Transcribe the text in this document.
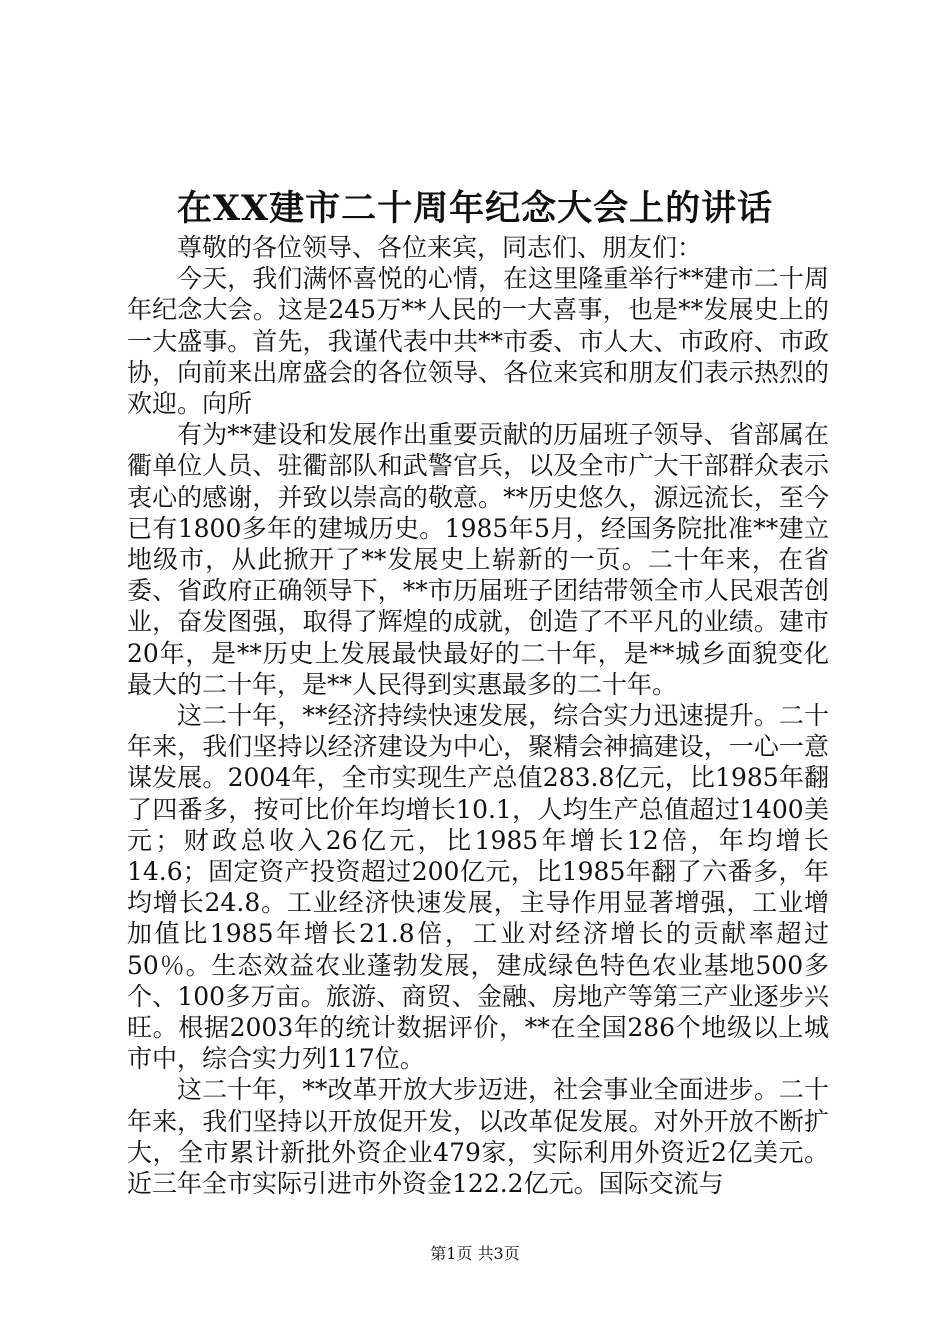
在XX建市二十周年纪念大会上的讲话

尊敬的各位领导、各位来宾，同志们、朋友们：

今天，我们满怀喜悦的心情，在这里隆重举行**建市二十周年纪念大会。这是245万**人民的一大喜事，也是**发展史上的一大盛事。首先，我谨代表中共**市委、市人大、市政府、市政协，向前来出席盛会的各位领导、各位来宾和朋友们表示热烈的欢迎。向所

有为**建设和发展作出重要贡献的历届班子领导、省部属在衢单位人员、驻衢部队和武警官兵，以及全市广大干部群众表示衷心的感谢，并致以崇高的敬意。**历史悠久，源远流长，至今已有1800多年的建城历史。1985年5月，经国务院批准**建立地级市，从此掀开了**发展史上崭新的一页。二十年来，在省委、省政府正确领导下，**市历届班子团结带领全市人民艰苦创业，奋发图强，取得了辉煌的成就，创造了不平凡的业绩。建市20年，是**历史上发展最快最好的二十年，是**城乡面貌变化最大的二十年，是**人民得到实惠最多的二十年。

这二十年，**经济持续快速发展，综合实力迅速提升。二十年来，我们坚持以经济建设为中心，聚精会神搞建设，一心一意谋发展。2004年，全市实现生产总值283.8亿元，比1985年翻了四番多，按可比价年均增长10.1，人均生产总值超过1400美元；财政总收入26亿元，比1985年增长12倍，年均增长14.6；固定资产投资超过200亿元，比1985年翻了六番多，年均增长24.8。工业经济快速发展，主导作用显著增强，工业增加值比1985年增长21.8倍，工业对经济增长的贡献率超过50％。生态效益农业蓬勃发展，建成绿色特色农业基地500多个、100多万亩。旅游、商贸、金融、房地产等第三产业逐步兴旺。根据2003年的统计数据评价，**在全国286个地级以上城市中，综合实力列117位。

这二十年，**改革开放大步迈进，社会事业全面进步。二十年来，我们坚持以开放促开发，以改革促发展。对外开放不断扩大，全市累计新批外资企业479家，实际利用外资近2亿美元。近三年全市实际引进市外资金122.2亿元。国际交流与

第1页 共3页
